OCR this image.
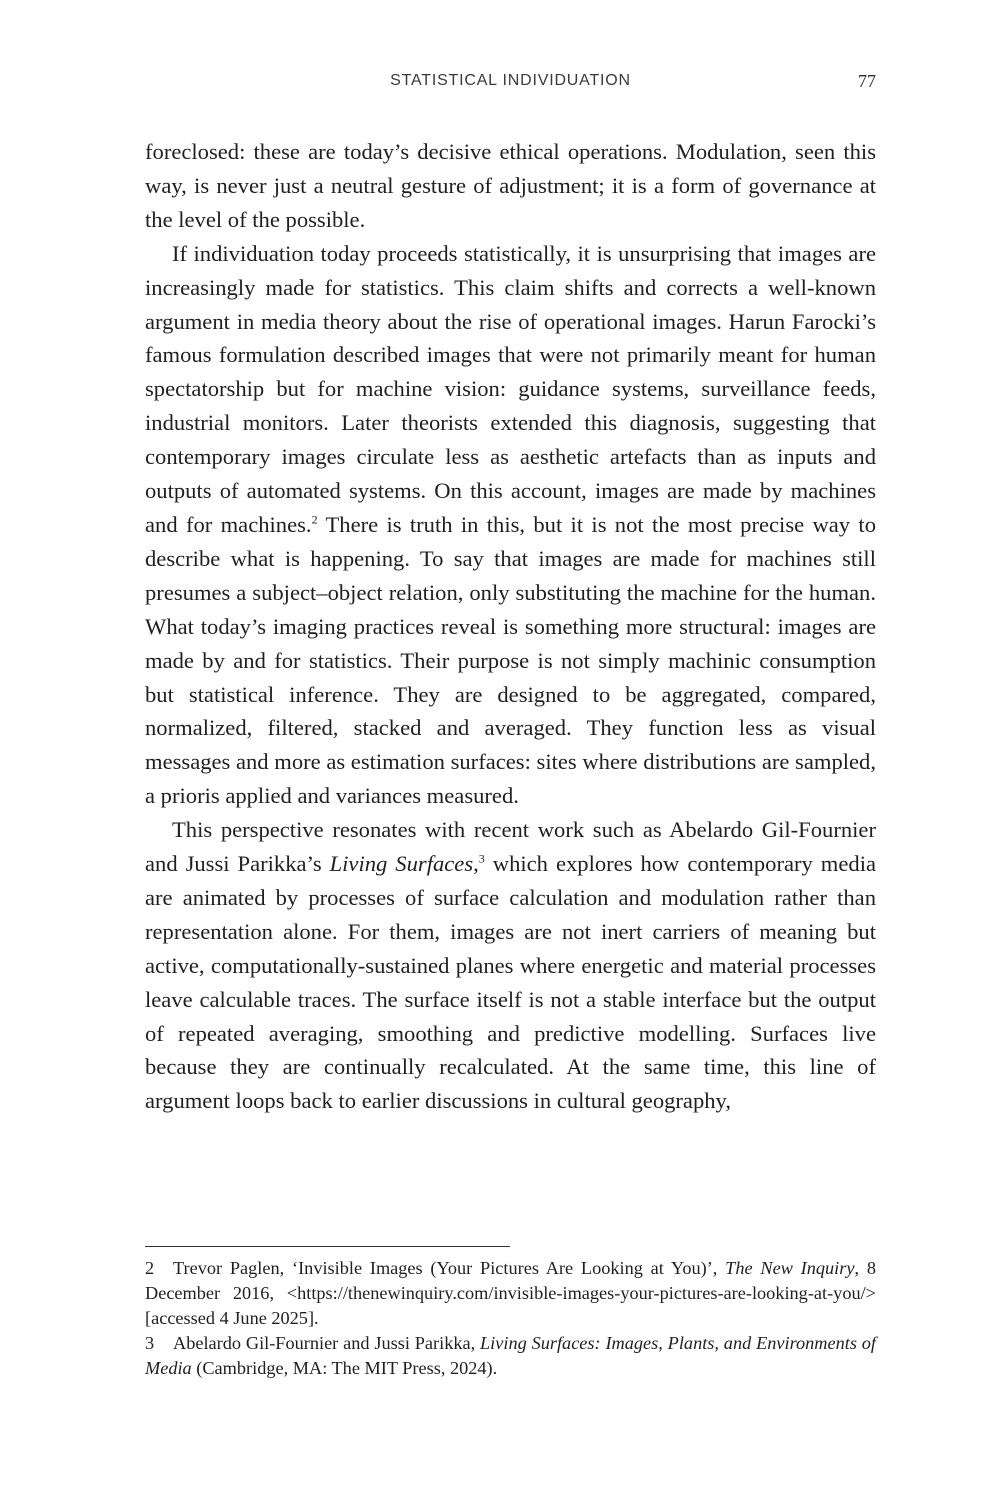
STATISTICAL INDIVIDUATION	77

foreclosed: these are today’s decisive ethical operations. Modulation, seen this way, is never just a neutral gesture of adjustment; it is a form of governance at the level of the possible.

If individuation today proceeds statistically, it is unsurprising that images are increasingly made for statistics. This claim shifts and corrects a well-known argument in media theory about the rise of operational images. Harun Farocki’s famous formulation described images that were not primarily meant for human spectatorship but for machine vision: guidance systems, surveillance feeds, industrial monitors. Later theorists extended this diagnosis, suggesting that contemporary images circulate less as aesthetic artefacts than as inputs and outputs of automated systems. On this account, images are made by machines and for machines.$^2$ There is truth in this, but it is not the most precise way to describe what is happening. To say that images are made for machines still presumes a subject–object relation, only substituting the machine for the human. What today’s imaging practices reveal is something more structural: images are made by and for statistics. Their purpose is not simply machinic consumption but statistical inference. They are designed to be aggregated, compared, normalized, filtered, stacked and averaged. They function less as visual messages and more as estimation surfaces: sites where distributions are sampled, a prioris applied and variances measured.

This perspective resonates with recent work such as Abelardo Gil-Fournier and Jussi Parikka’s Living Surfaces,$^3$ which explores how contemporary media are animated by processes of surface calculation and modulation rather than representation alone. For them, images are not inert carriers of meaning but active, computationally-sustained planes where energetic and material processes leave calculable traces. The surface itself is not a stable interface but the output of repeated averaging, smoothing and predictive modelling. Surfaces live because they are continually recalculated. At the same time, this line of argument loops back to earlier discussions in cultural geography,

2 Trevor Paglen, ‘Invisible Images (Your Pictures Are Looking at You)’, The New Inquiry, 8 December 2016, <https://thenewinquiry.com/invisible-images-your-pictures-are-looking-at-you/> [accessed 4 June 2025].

3 Abelardo Gil-Fournier and Jussi Parikka, Living Surfaces: Images, Plants, and Environments of Media (Cambridge, MA: The MIT Press, 2024).
